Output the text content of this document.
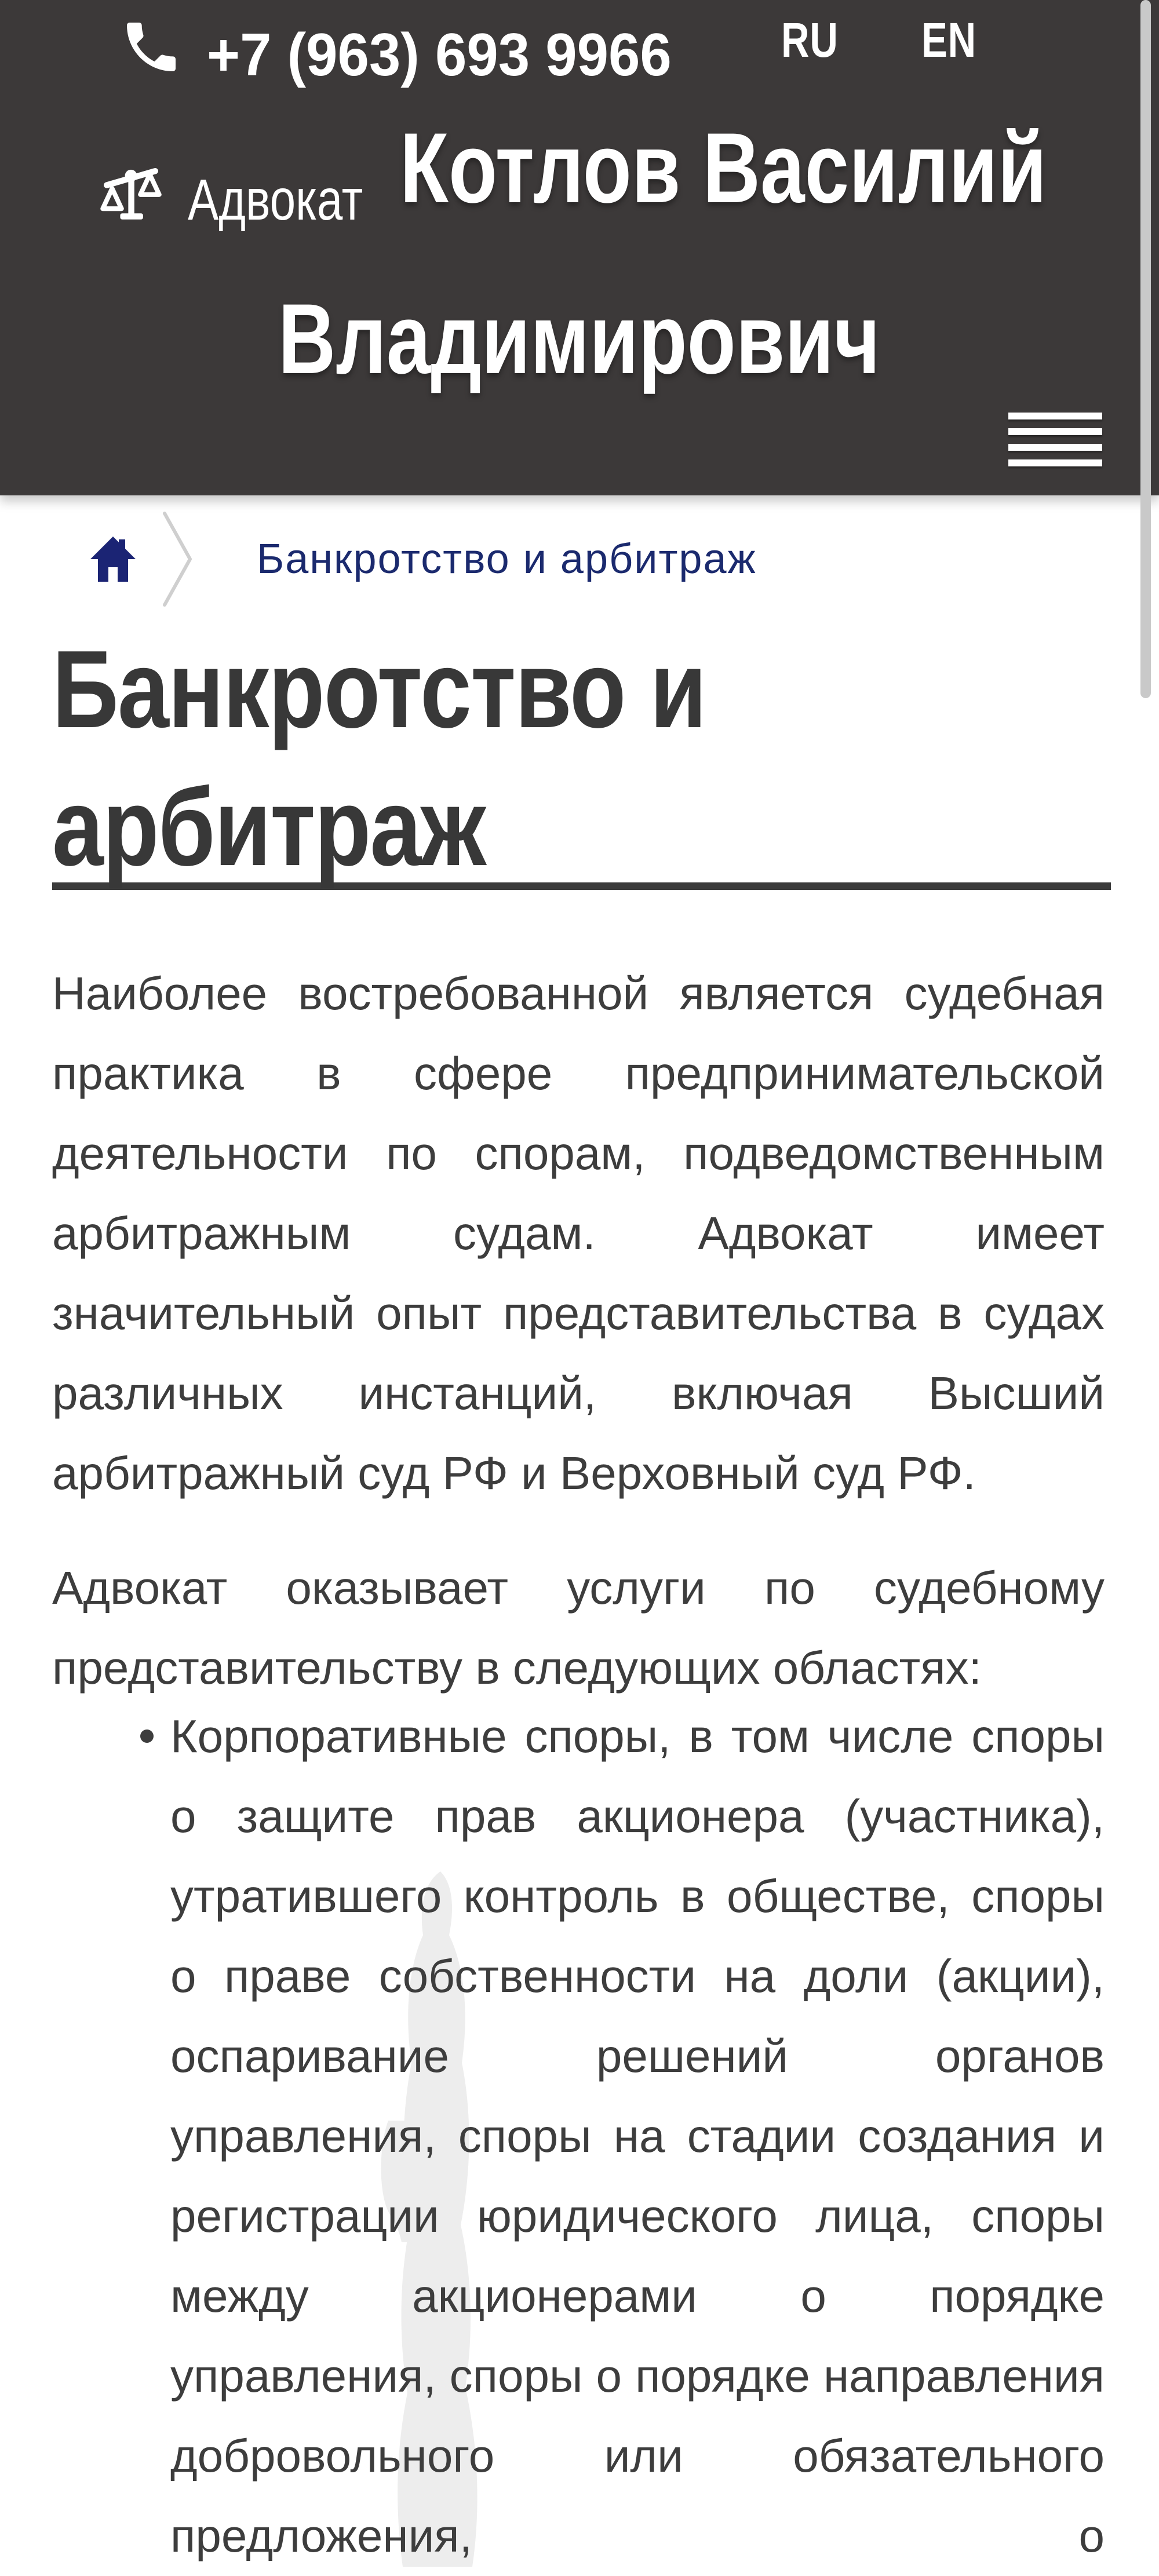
+7 (963) 693 9966 RU EN
Адвокат Котлов Василий
Владимирович
Банкротство и арбитраж
Банкротство и арбитраж

Наиболее востребованной является судебная практика в сфере предпринимательской деятельности по спорам, подведомственным арбитражным судам. Адвокат имеет значительный опыт представительства в судах различных инстанций, включая Высший арбитражный суд РФ и Верховный суд РФ.

Адвокат оказывает услуги по судебному представительству в следующих областях:

Корпоративные споры, в том числе споры о защите прав акционера (участника), утратившего контроль в обществе, споры о праве собственности на доли (акции), оспаривание решений органов управления, споры на стадии создания и регистрации юридического лица, споры между акционерами о порядке управления, споры о порядке направления добровольного или обязательного предложения, о
